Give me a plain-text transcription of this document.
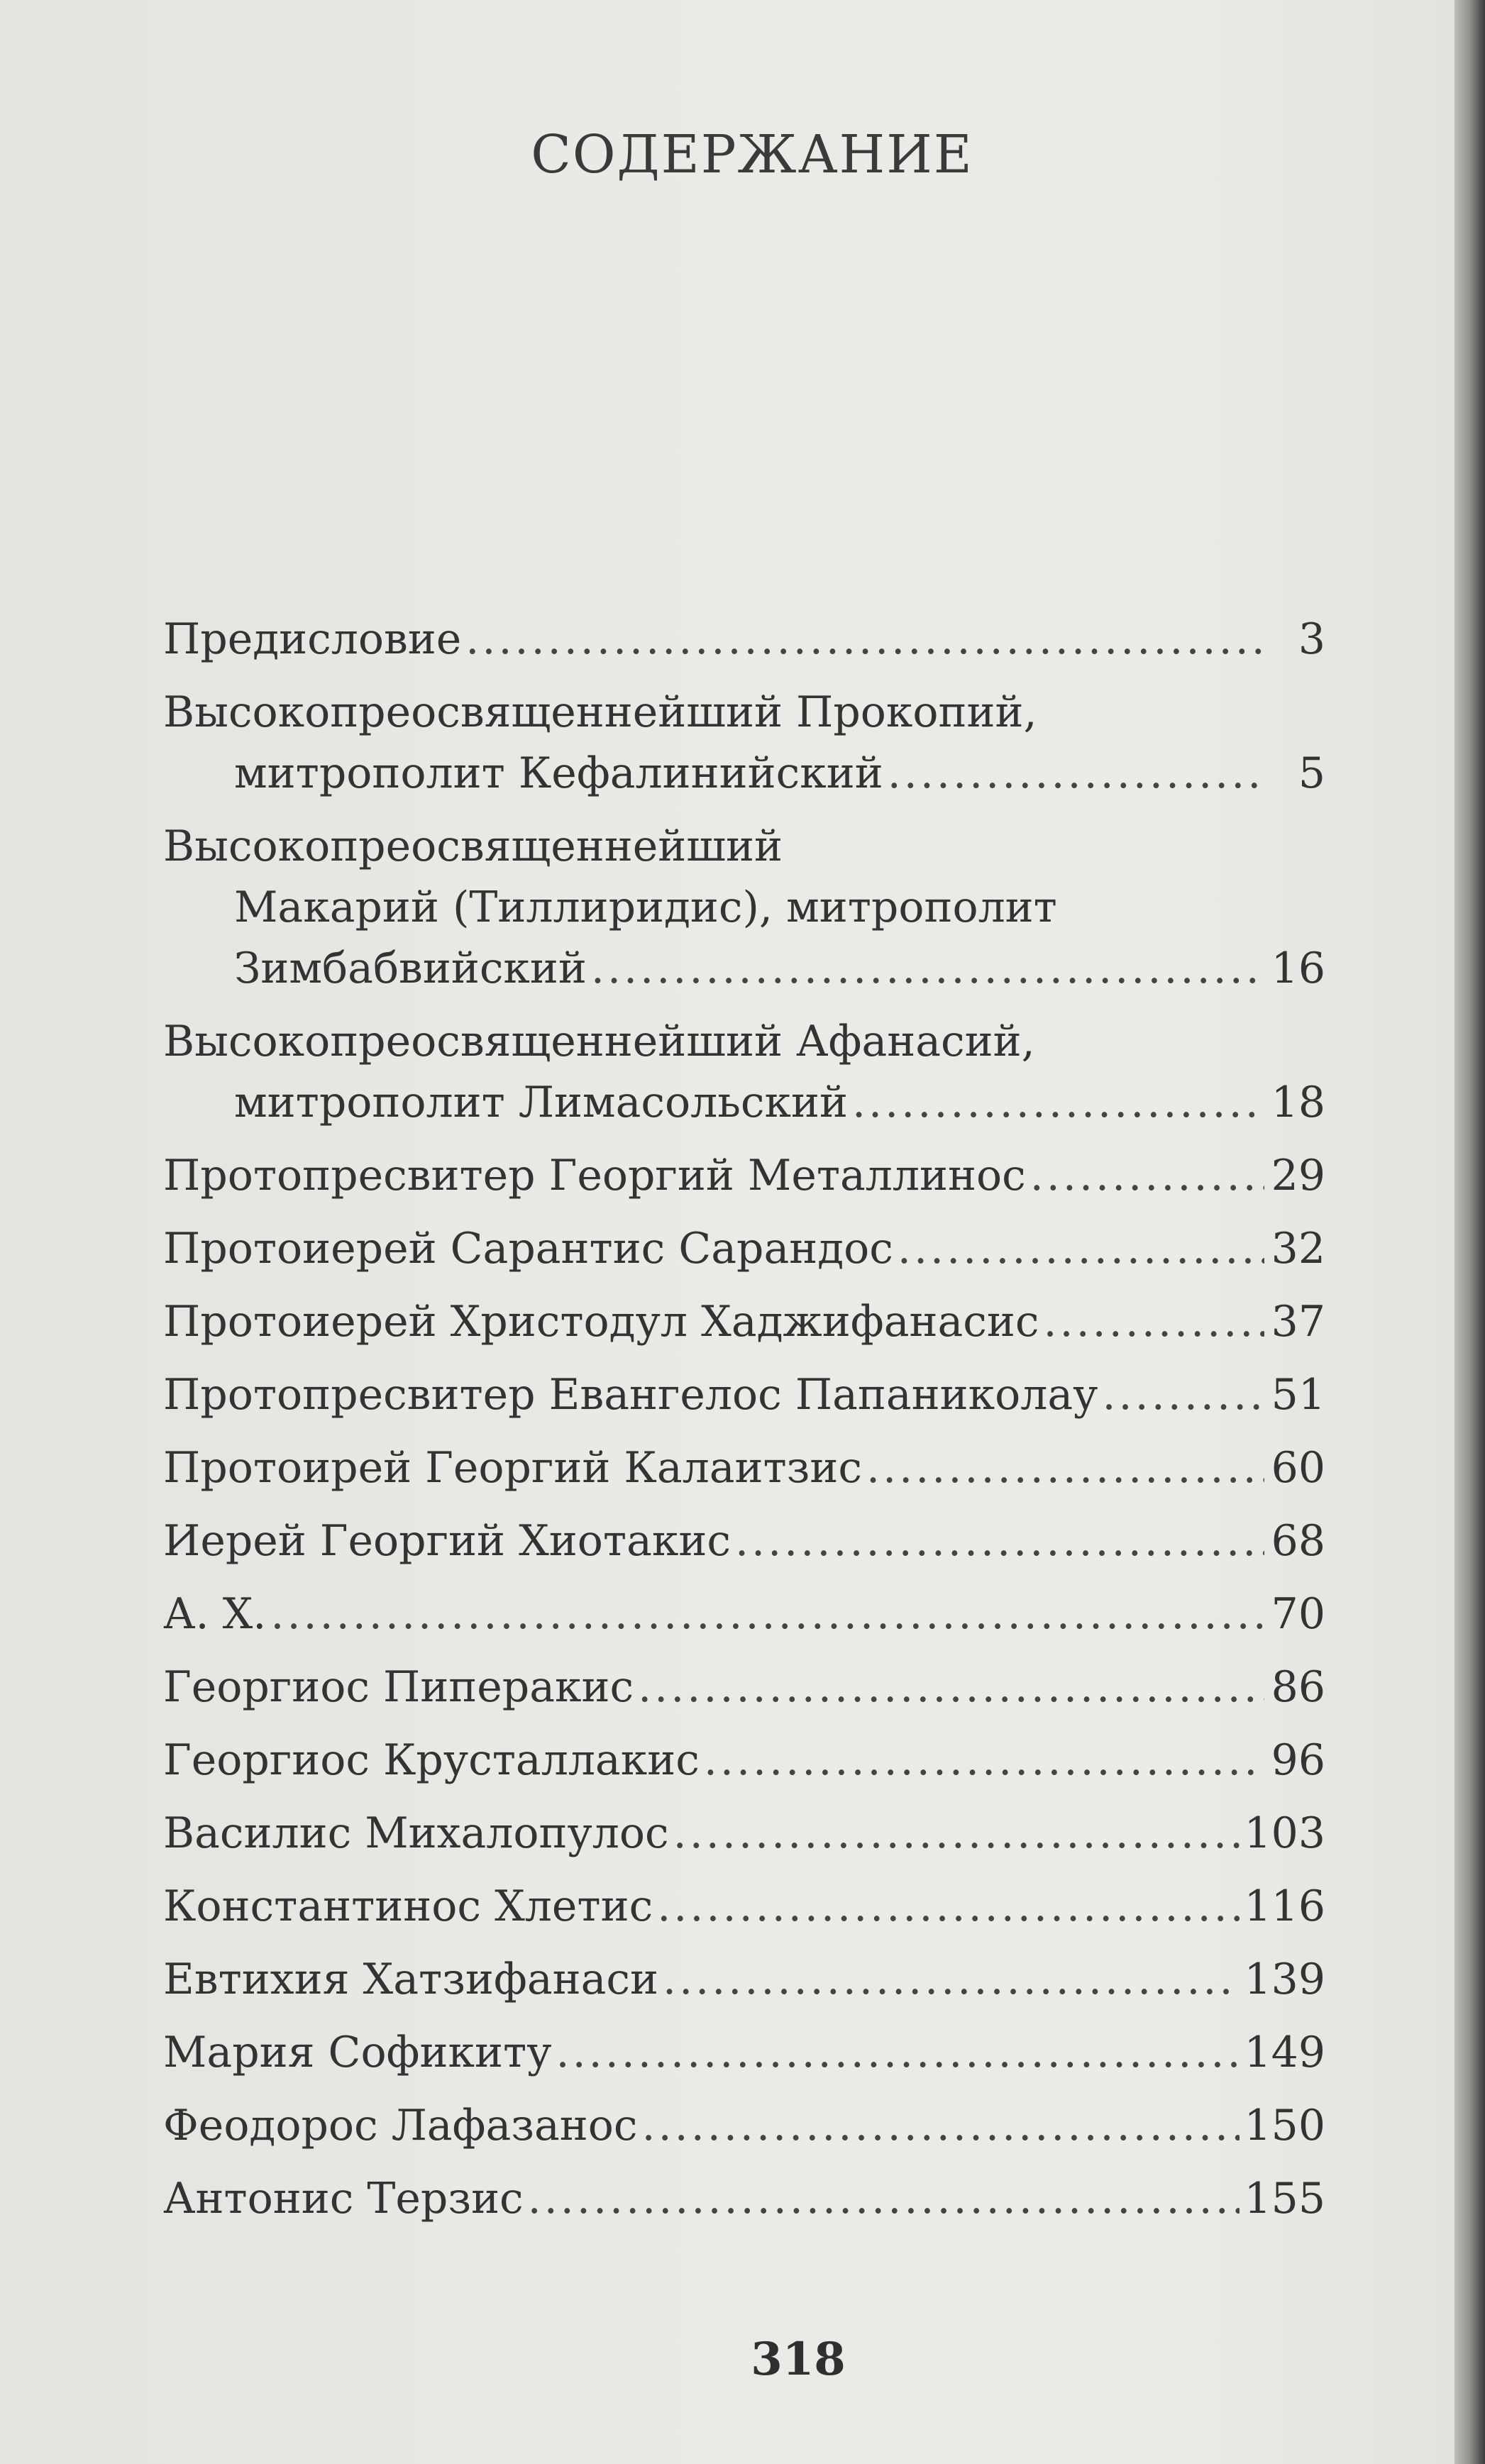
СОДЕРЖАНИЕ
Предисловие .....	3
Высокопреосвященнейший Прокопий,
митрополит Кефалинийский .....	5
Высокопреосвященнейший
Макарий (Тиллиридис), митрополит
Зимбабвийский .....	16
Высокопреосвященнейший Афанасий,
митрополит Лимасольский .....	18
Протопресвитер Георгий Металлинос .....	29
Протоиерей Сарантис Сарандос .....	32
Протоиерей Христодул Хаджифанасис .....	37
Протопресвитер Евангелос Папаниколау .....	51
Протоирей Георгий Калаитзис .....	60
Иерей Георгий Хиотакис .....	68
А. Х. .....	70
Георгиос Пиперакис .....	86
Георгиос Крусталлакис .....	96
Василис Михалопулос .....	103
Константинос Хлетис .....	116
Евтихия Хатзифанаси .....	139
Мария Софикиту .....	149
Феодорос Лафазанос .....	150
Антонис Терзис .....	155
318
